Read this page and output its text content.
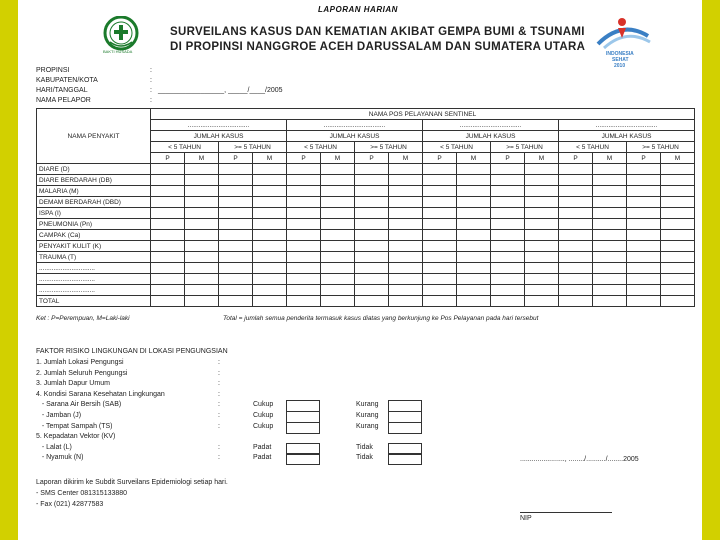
BAKTI HUSADA	INDONESIA
SEHAT
2010
LAPORAN HARIAN
SURVEILANS KASUS DAN KEMATIAN AKIBAT GEMPA BUMI & TSUNAMI
DI PROPINSI NANGGROE ACEH DARUSSALAM DAN SUMATERA UTARA
PROPINSI	:
KABUPATEN/KOTA	:
HARI/TANGGAL	: _________________, _____/____/2005
NAMA PELAPOR	:
NAMA PENYAKIT	NAMA POS PELAYANAN SENTINEL															
	..................................				..................................				..................................				..................................			
	JUMLAH KASUS				JUMLAH KASUS				JUMLAH KASUS				JUMLAH KASUS			
	< 5 TAHUN		>= 5 TAHUN		< 5 TAHUN		>= 5 TAHUN		< 5 TAHUN		>= 5 TAHUN		< 5 TAHUN		>= 5 TAHUN	
	P	M	P	M	P	M	P	M	P	M	P	M	P	M	P	M
DIARE (D)																
DIARE BERDARAH (DB)																
MALARIA (M)																
DEMAM BERDARAH (DBD)																
ISPA (I)																
PNEUMONIA (Pn)																
CAMPAK (Ca)																
PENYAKIT KULIT (K)																
TRAUMA (T)																
...............................																
...............................																
...............................																
TOTAL																
Ket : P=Perempuan, M=Laki-laki	Total = jumlah semua penderita termasuk kasus diatas yang berkunjung ke Pos Pelayanan pada hari tersebut
FAKTOR RISIKO LINGKUNGAN DI LOKASI PENGUNGSIAN
......................., ......../........../........2005
NIP
Laporan dikirim ke Subdit Surveilans Epidemiologi setiap hari.
- SMS Center 081315133880
- Fax (021) 42877583
1. Jumlah Lokasi Pengungsi	:
2. Jumlah Seluruh Pengungsi	:
3. Jumlah Dapur Umum	:
4. Kondisi Sarana Kesehatan Lingkungan	:
- Sarana Air Bersih (SAB)	:	Cukup	Kurang
- Jamban (J)	:	Cukup	Kurang
- Tempat Sampah (TS)	:	Cukup	Kurang
5. Kepadatan Vektor (KV)
- Lalat (L)	:	Padat	Tidak
- Nyamuk (N)	:	Padat	Tidak
